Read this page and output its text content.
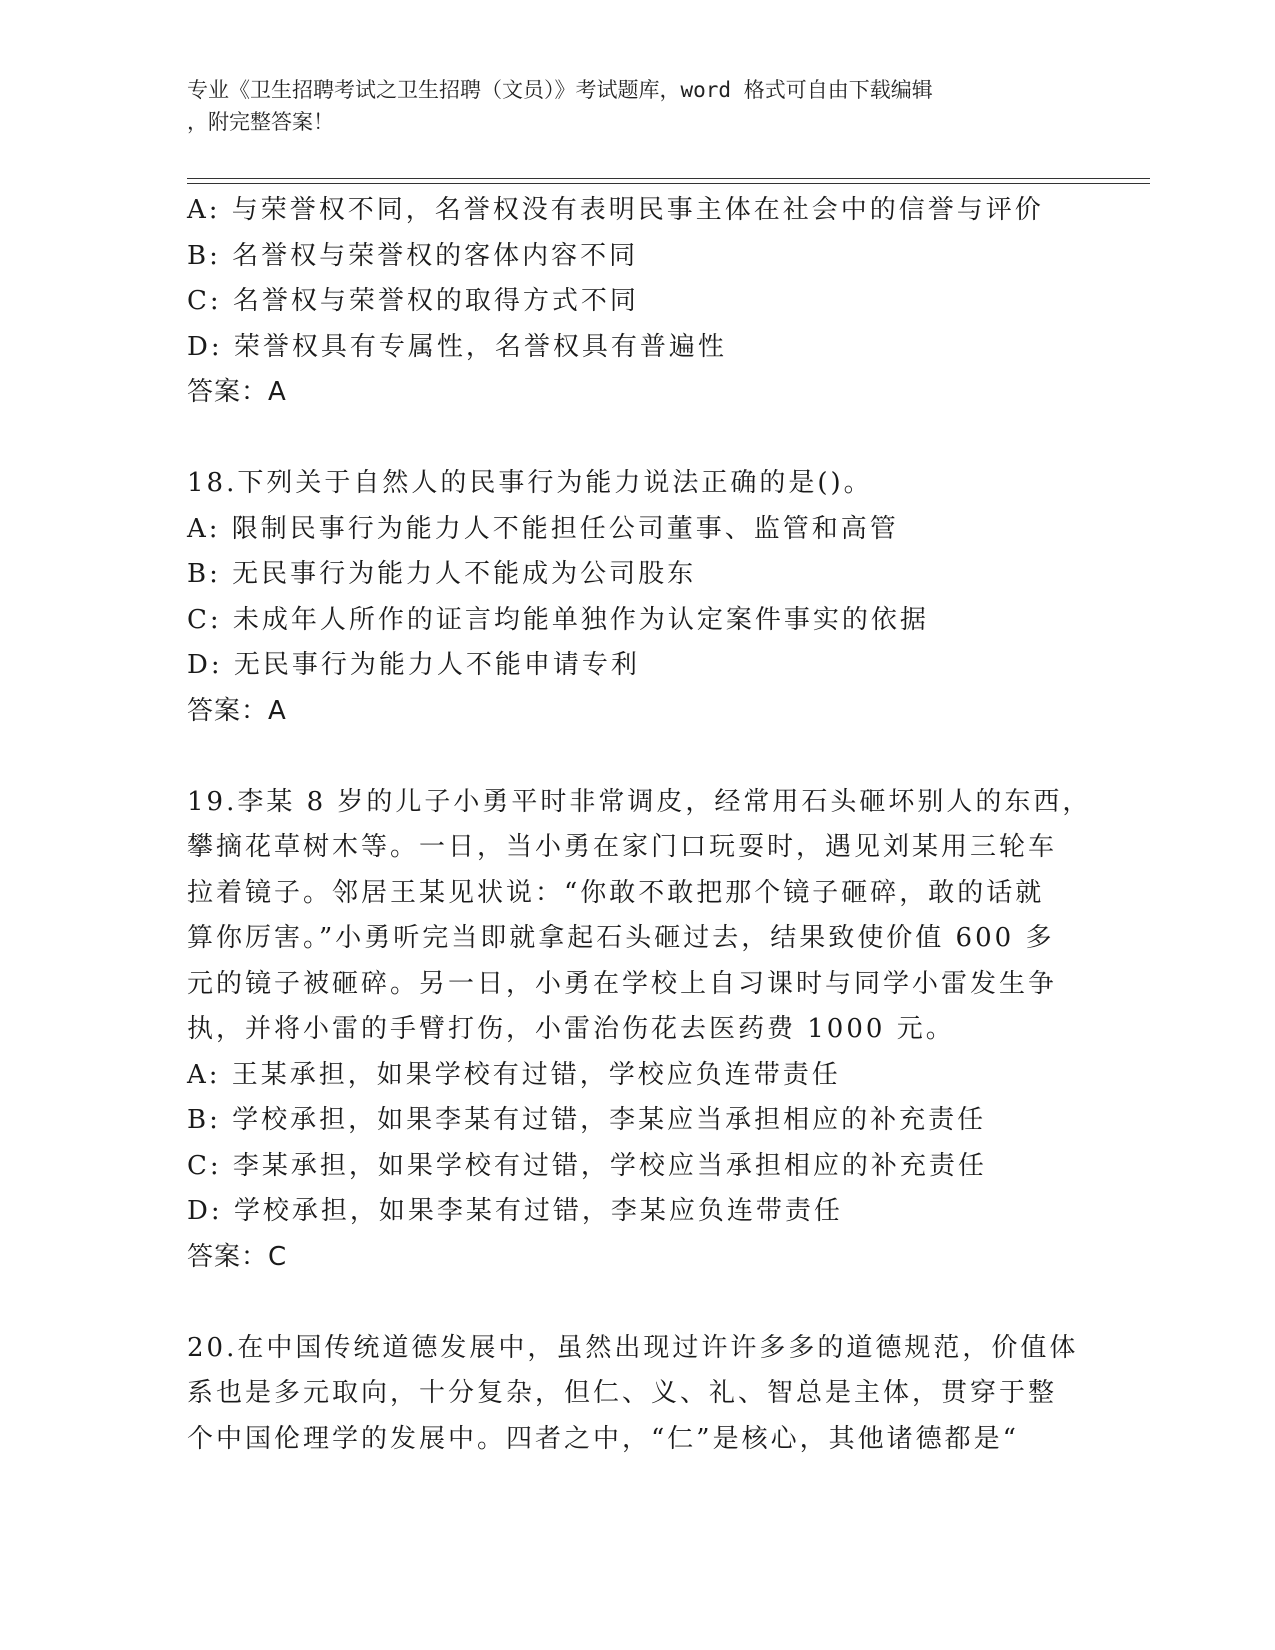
专业《卫生招聘考试之卫生招聘（文员）》考试题库，word 格式可自由下载编辑
，附完整答案！

A: 与荣誉权不同，名誉权没有表明民事主体在社会中的信誉与评价

B: 名誉权与荣誉权的客体内容不同

C: 名誉权与荣誉权的取得方式不同

D: 荣誉权具有专属性，名誉权具有普遍性

答案：A

18.下列关于自然人的民事行为能力说法正确的是()。

A: 限制民事行为能力人不能担任公司董事、监管和高管

B: 无民事行为能力人不能成为公司股东

C: 未成年人所作的证言均能单独作为认定案件事实的依据

D: 无民事行为能力人不能申请专利

答案：A

19.李某 8 岁的儿子小勇平时非常调皮，经常用石头砸坏别人的东西，

攀摘花草树木等。一日，当小勇在家门口玩耍时，遇见刘某用三轮车

拉着镜子。邻居王某见状说：“你敢不敢把那个镜子砸碎，敢的话就

算你厉害。”小勇听完当即就拿起石头砸过去，结果致使价值 600 多

元的镜子被砸碎。另一日，小勇在学校上自习课时与同学小雷发生争

执，并将小雷的手臂打伤，小雷治伤花去医药费 1000 元。

A: 王某承担，如果学校有过错，学校应负连带责任

B: 学校承担，如果李某有过错，李某应当承担相应的补充责任

C: 李某承担，如果学校有过错，学校应当承担相应的补充责任

D: 学校承担，如果李某有过错，李某应负连带责任

答案：C

20.在中国传统道德发展中，虽然出现过许许多多的道德规范，价值体

系也是多元取向，十分复杂，但仁、义、礼、智总是主体，贯穿于整

个中国伦理学的发展中。四者之中，“仁”是核心，其他诸德都是“
